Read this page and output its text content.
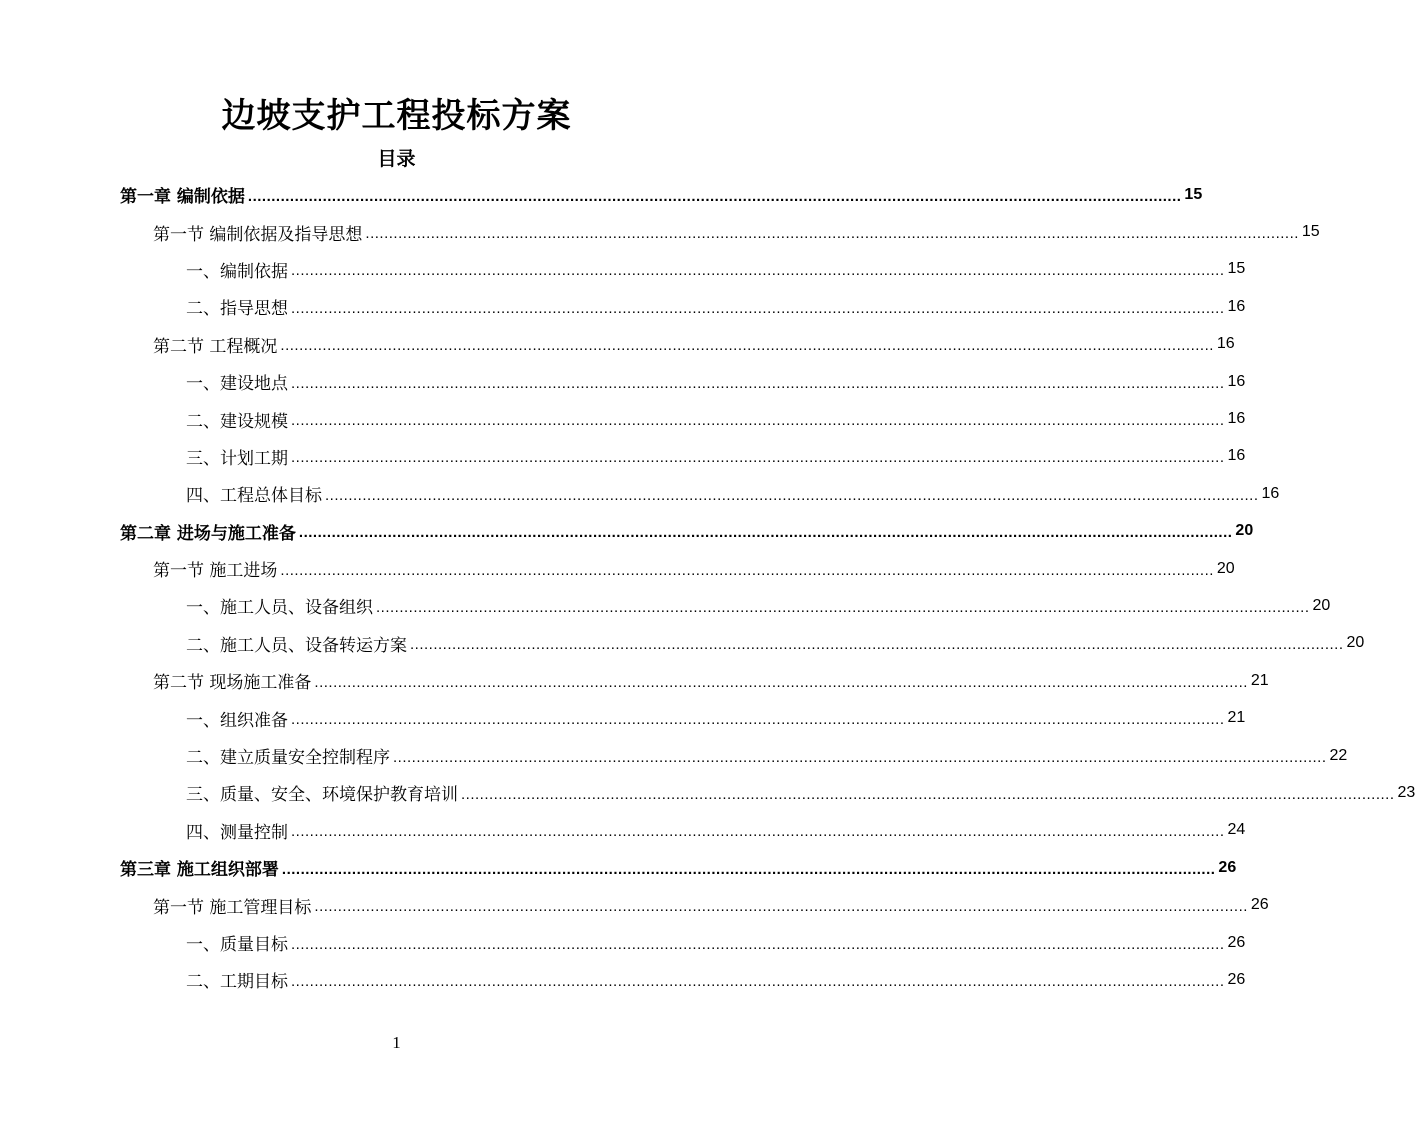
边坡支护工程投标方案
目录
第一章 编制依据 ........................................................................................................................................................................................................ 15
第一节 编制依据及指导思想 ........................................................................................................................................................................................................ 15
一、编制依据 ........................................................................................................................................................................................................ 15
二、指导思想 ........................................................................................................................................................................................................ 16
第二节 工程概况 ........................................................................................................................................................................................................ 16
一、建设地点 ........................................................................................................................................................................................................ 16
二、建设规模 ........................................................................................................................................................................................................ 16
三、计划工期 ........................................................................................................................................................................................................ 16
四、工程总体目标 ........................................................................................................................................................................................................ 16
第二章 进场与施工准备 ........................................................................................................................................................................................................ 20
第一节 施工进场 ........................................................................................................................................................................................................ 20
一、施工人员、设备组织 ........................................................................................................................................................................................................ 20
二、施工人员、设备转运方案 ........................................................................................................................................................................................................ 20
第二节 现场施工准备 ........................................................................................................................................................................................................ 21
一、组织准备 ........................................................................................................................................................................................................ 21
二、建立质量安全控制程序 ........................................................................................................................................................................................................ 22
三、质量、安全、环境保护教育培训 ........................................................................................................................................................................................................ 23
四、测量控制 ........................................................................................................................................................................................................ 24
第三章 施工组织部署 ........................................................................................................................................................................................................ 26
第一节 施工管理目标 ........................................................................................................................................................................................................ 26
一、质量目标 ........................................................................................................................................................................................................ 26
二、工期目标 ........................................................................................................................................................................................................ 26
1
